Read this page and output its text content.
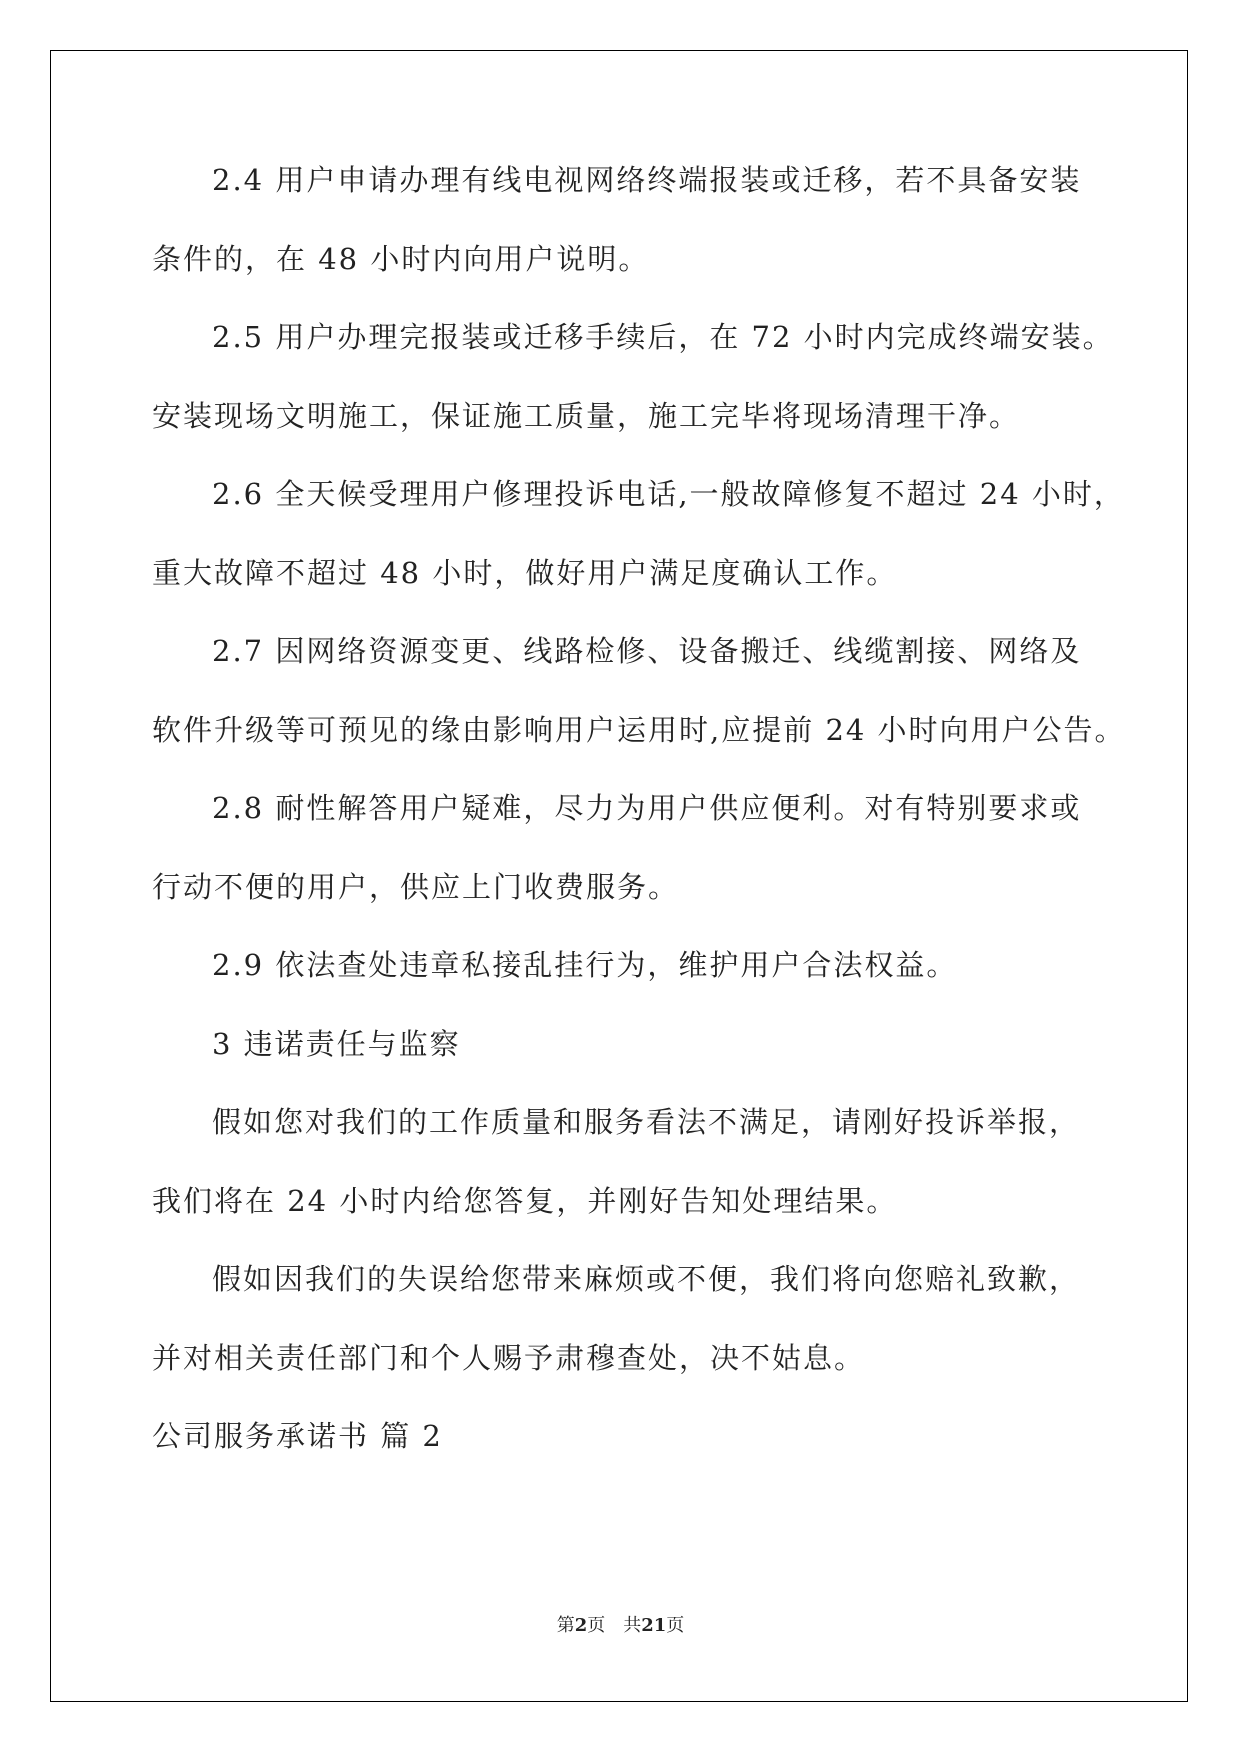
2.4 用户申请办理有线电视网络终端报装或迁移，若不具备安装
条件的，在 48 小时内向用户说明。
2.5 用户办理完报装或迁移手续后，在 72 小时内完成终端安装。
安装现场文明施工，保证施工质量，施工完毕将现场清理干净。
2.6 全天候受理用户修理投诉电话,一般故障修复不超过 24 小时，
重大故障不超过 48 小时，做好用户满足度确认工作。
2.7 因网络资源变更、线路检修、设备搬迁、线缆割接、网络及
软件升级等可预见的缘由影响用户运用时,应提前 24 小时向用户公告。
2.8 耐性解答用户疑难，尽力为用户供应便利。对有特别要求或
行动不便的用户，供应上门收费服务。
2.9 依法查处违章私接乱挂行为，维护用户合法权益。
3 违诺责任与监察
假如您对我们的工作质量和服务看法不满足，请刚好投诉举报，
我们将在 24 小时内给您答复，并刚好告知处理结果。
假如因我们的失误给您带来麻烦或不便，我们将向您赔礼致歉，
并对相关责任部门和个人赐予肃穆查处，决不姑息。
公司服务承诺书 篇 2
第2页　共21页
